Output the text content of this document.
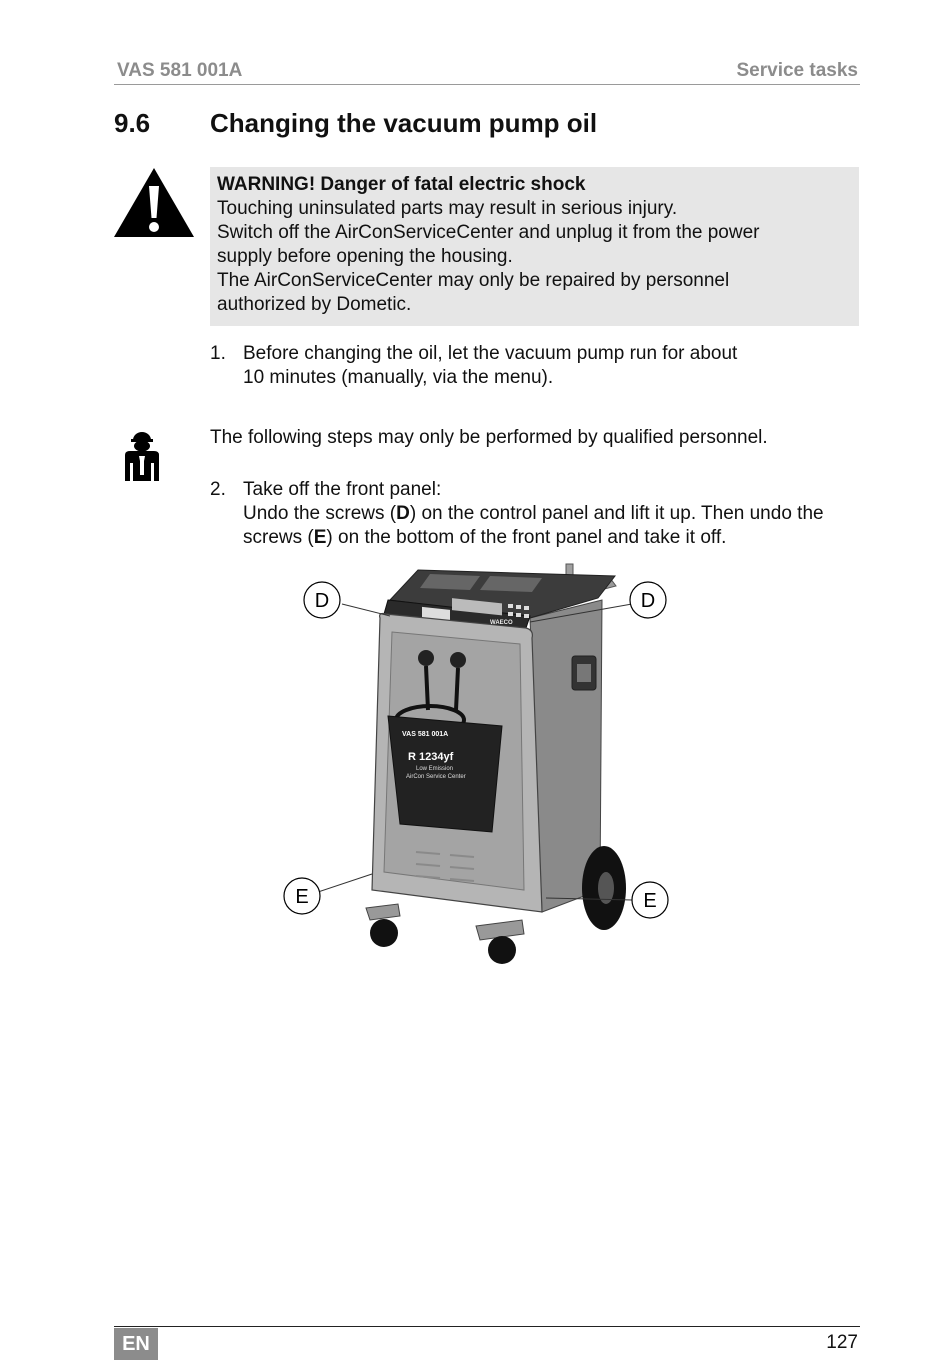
VAS 581 001A	Service tasks
9.6 Changing the vacuum pump oil
WARNING! Danger of fatal electric shock
Touching uninsulated parts may result in serious injury.
Switch off the AirConServiceCenter and unplug it from the power
supply before opening the housing.
The AirConServiceCenter may only be repaired by personnel
authorized by Dometic.
1. Before changing the oil, let the vacuum pump run for about
10 minutes (manually, via the menu).
The following steps may only be performed by qualified personnel.
2. Take off the front panel:
Undo the screws (D) on the control panel and lift it up. Then undo the
screws (E) on the bottom of the front panel and take it off.
D	D
E	E
VAS 581 001A
R 1234yf
Low Emission
AirCon Service Center
WAECO
EN	127
